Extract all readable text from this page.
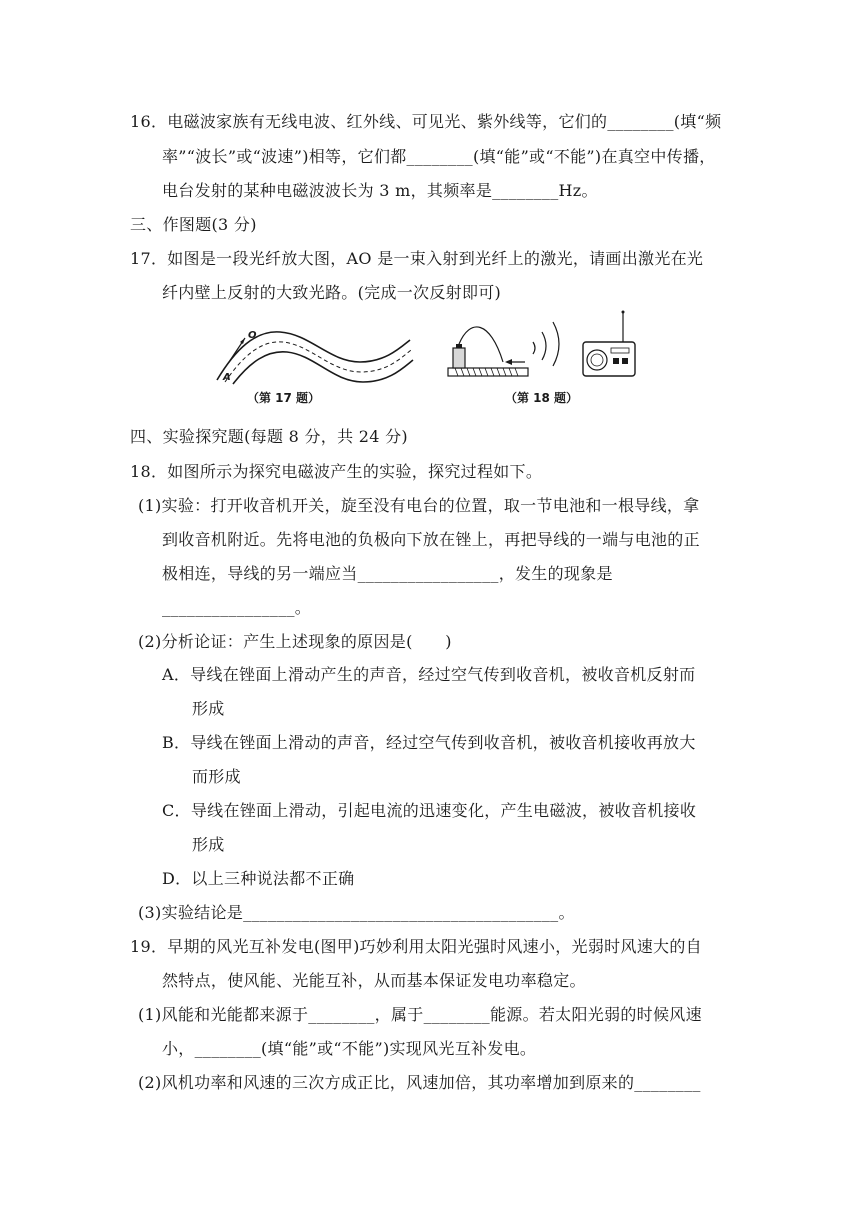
16．电磁波家族有无线电波、红外线、可见光、紫外线等，它们的________(填“频
率”“波长”或“波速”)相等，它们都________(填“能”或“不能”)在真空中传播，
电台发射的某种电磁波波长为 3 m，其频率是________Hz。
三、作图题(3 分)
17．如图是一段光纤放大图，AO 是一束入射到光纤上的激光，请画出激光在光
纤内壁上反射的大致光路。(完成一次反射即可)
O
A
（第 17 题）	（第 18 题）
四、实验探究题(每题 8 分，共 24 分)
18．如图所示为探究电磁波产生的实验，探究过程如下。
(1)实验：打开收音机开关，旋至没有电台的位置，取一节电池和一根导线，拿
到收音机附近。先将电池的负极向下放在锉上，再把导线的一端与电池的正
极相连，导线的另一端应当_________________，发生的现象是
________________。
(2)分析论证：产生上述现象的原因是(　　)
A．导线在锉面上滑动产生的声音，经过空气传到收音机，被收音机反射而
形成
B．导线在锉面上滑动的声音，经过空气传到收音机，被收音机接收再放大
而形成
C．导线在锉面上滑动，引起电流的迅速变化，产生电磁波，被收音机接收
形成
D．以上三种说法都不正确
(3)实验结论是______________________________________。
19．早期的风光互补发电(图甲)巧妙利用太阳光强时风速小，光弱时风速大的自
然特点，使风能、光能互补，从而基本保证发电功率稳定。
(1)风能和光能都来源于________，属于________能源。若太阳光弱的时候风速
小，________(填“能”或“不能”)实现风光互补发电。
(2)风机功率和风速的三次方成正比，风速加倍，其功率增加到原来的________
